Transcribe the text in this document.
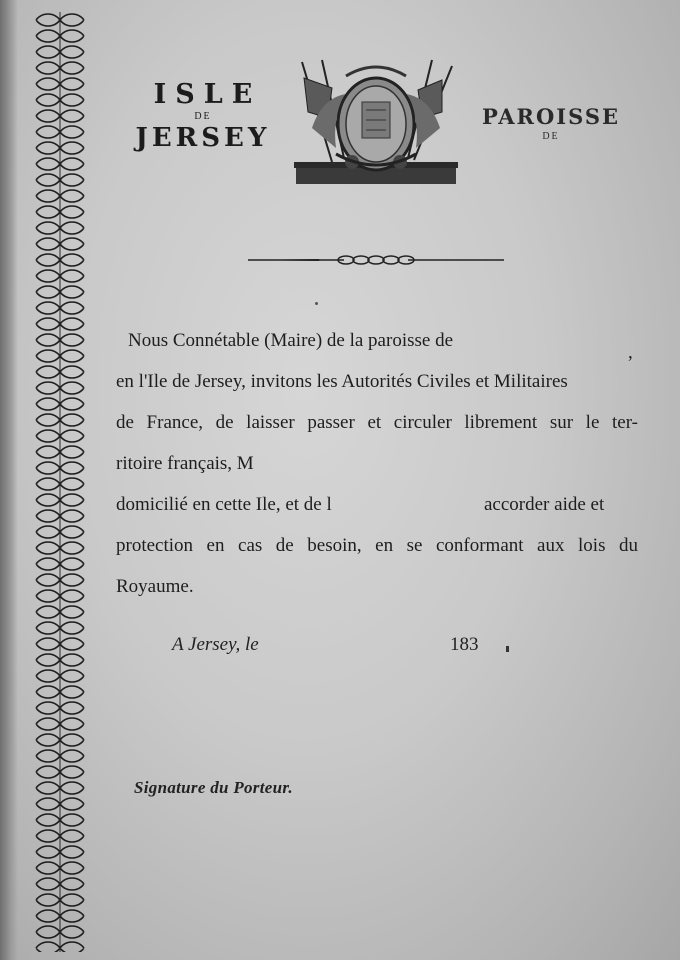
ISLE
DE
JERSEY
PAROISSE
DE
Nous Connétable (Maire) de la paroisse de
,
en l'Ile de Jersey, invitons les Autorités Civiles et Militaires
de France, de laisser passer et circuler librement sur le ter-
ritoire français, M
domicilié en cette Ile, et de l	accorder aide et
protection en cas de besoin, en se conformant aux lois du
Royaume.
A Jersey, le	183
Signature du Porteur.
